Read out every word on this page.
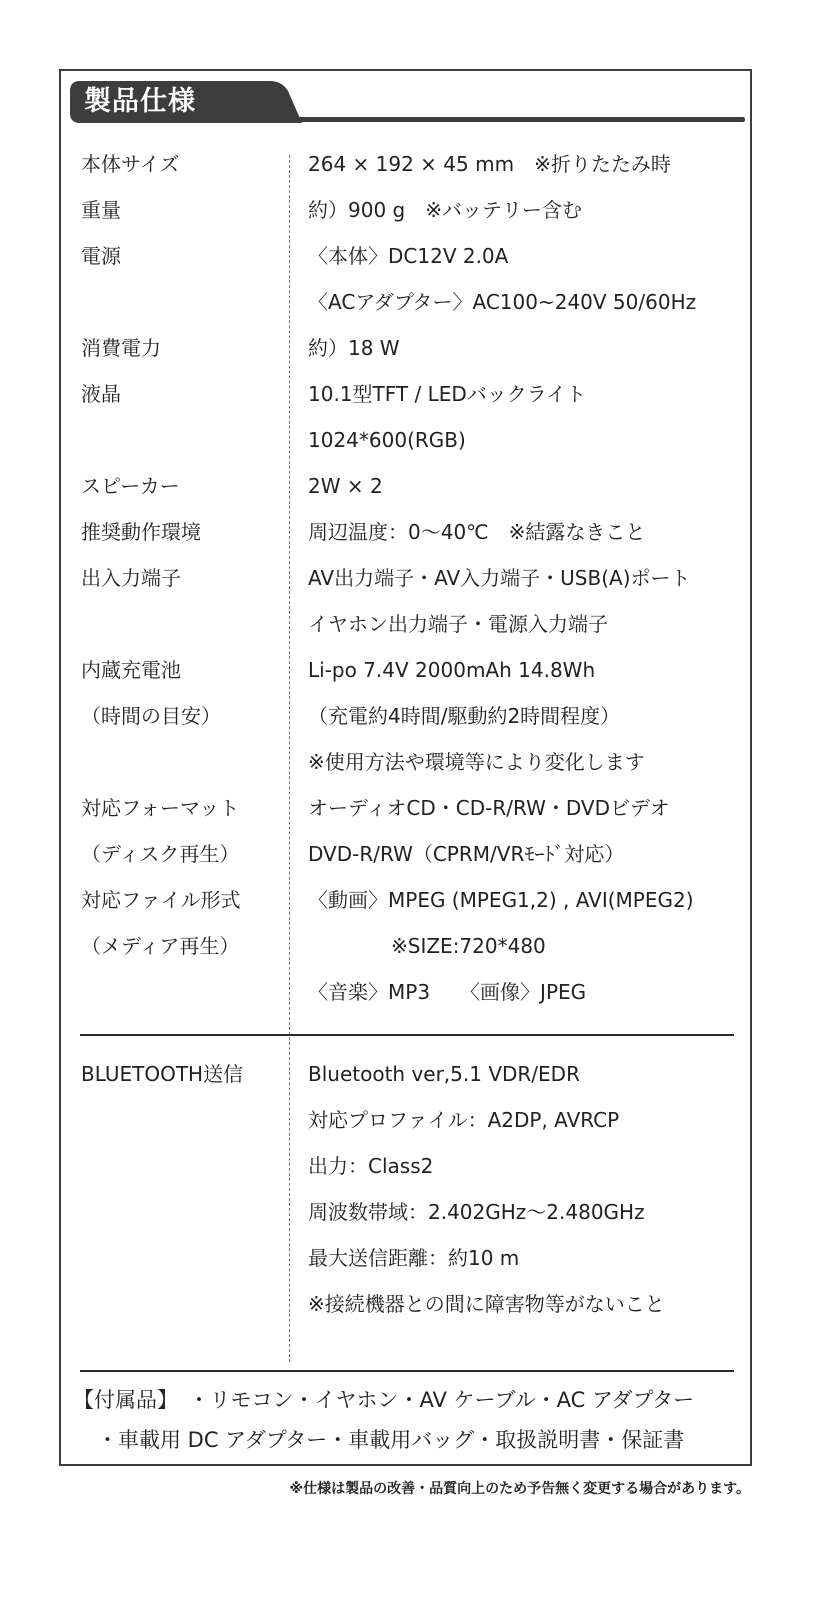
製品仕様
本体サイズ	264 × 192 × 45 mm　※折りたたみ時
重量	約）900 g　※バッテリー含む
電源	〈本体〉DC12V 2.0A
〈ACアダプター〉AC100~240V 50/60Hz
消費電力	約）18 W
液晶	10.1型TFT / LEDバックライト
1024*600(RGB)
スピーカー	2W × 2
推奨動作環境	周辺温度：0〜40℃　※結露なきこと
出入力端子	AV出力端子・AV入力端子・USB(A)ポート
イヤホン出力端子・電源入力端子
内蔵充電池	Li-po 7.4V 2000mAh 14.8Wh
（時間の目安）	（充電約4時間/駆動約2時間程度）
※使用方法や環境等により変化します
対応フォーマット	オーディオCD・CD-R/RW・DVDビデオ
（ディスク再生）	DVD-R/RW（CPRM/VRﾓｰﾄﾞ対応）
対応ファイル形式	〈動画〉MPEG (MPEG1,2) , AVI(MPEG2)
（メディア再生）	※SIZE:720*480
〈音楽〉MP3　　〈画像〉JPEG
BLUETOOTH送信	Bluetooth ver,5.1 VDR/EDR
対応プロファイル：A2DP, AVRCP
出力：Class2
周波数帯域：2.402GHz〜2.480GHz
最大送信距離：約10 m
※接続機器との間に障害物等がないこと
【付属品】　・リモコン・イヤホン・AV ケーブル・AC アダプター
・車載用 DC アダプター・車載用バッグ・取扱説明書・保証書
※仕様は製品の改善・品質向上のため予告無く変更する場合があります。
